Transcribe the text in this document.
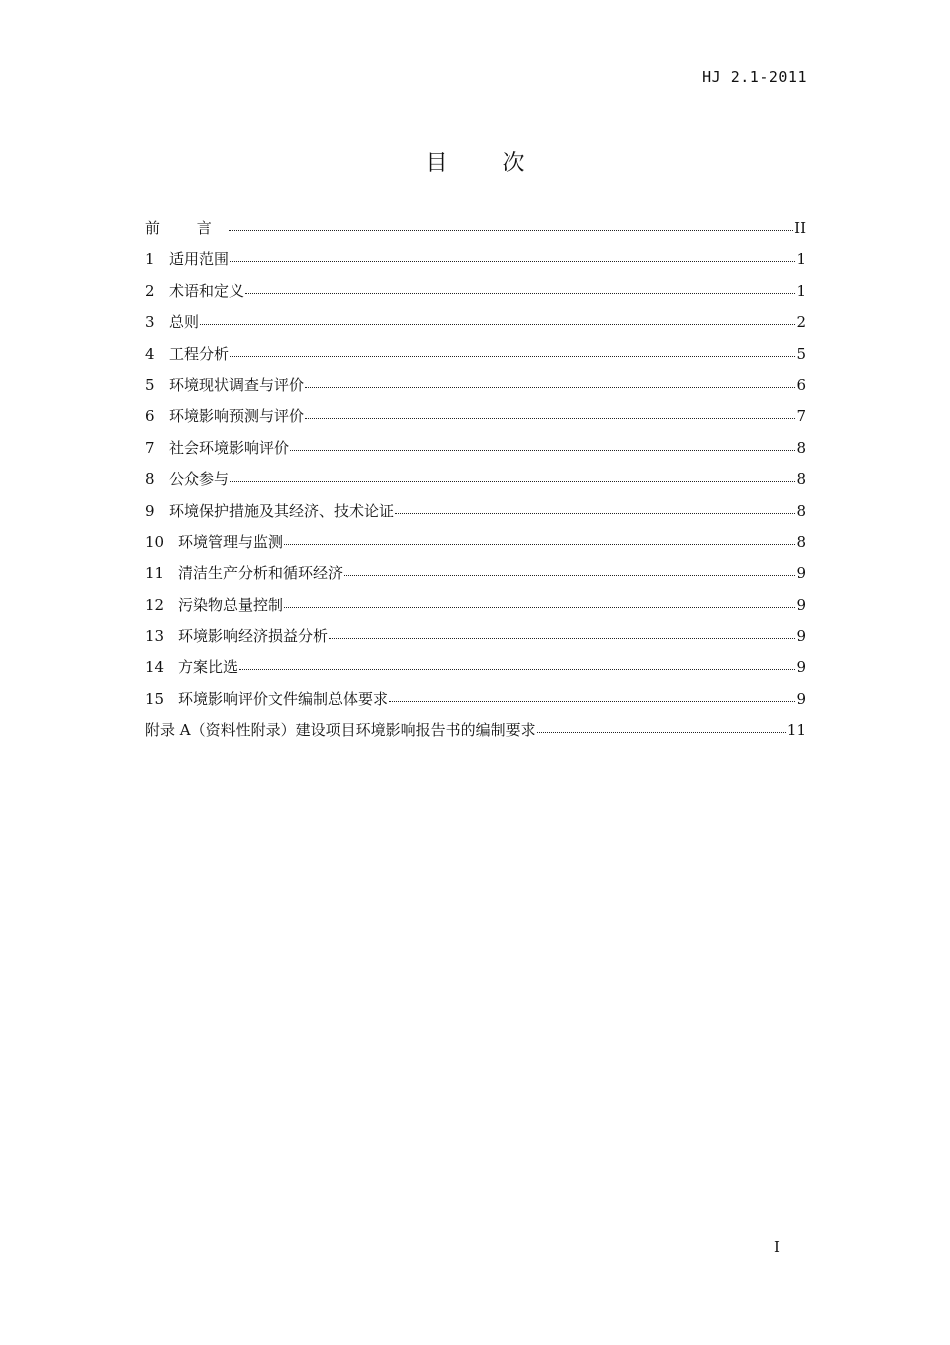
HJ 2.1-2011
目 次
前 言	II
1 适用范围	1
2 术语和定义	1
3 总则	2
4 工程分析	5
5 环境现状调查与评价	6
6 环境影响预测与评价	7
7 社会环境影响评价	8
8 公众参与	8
9 环境保护措施及其经济、技术论证	8
10 环境管理与监测	8
11 清洁生产分析和循环经济	9
12 污染物总量控制	9
13 环境影响经济损益分析	9
14 方案比选	9
15 环境影响评价文件编制总体要求	9
附录 A（资料性附录）建设项目环境影响报告书的编制要求	11
I
